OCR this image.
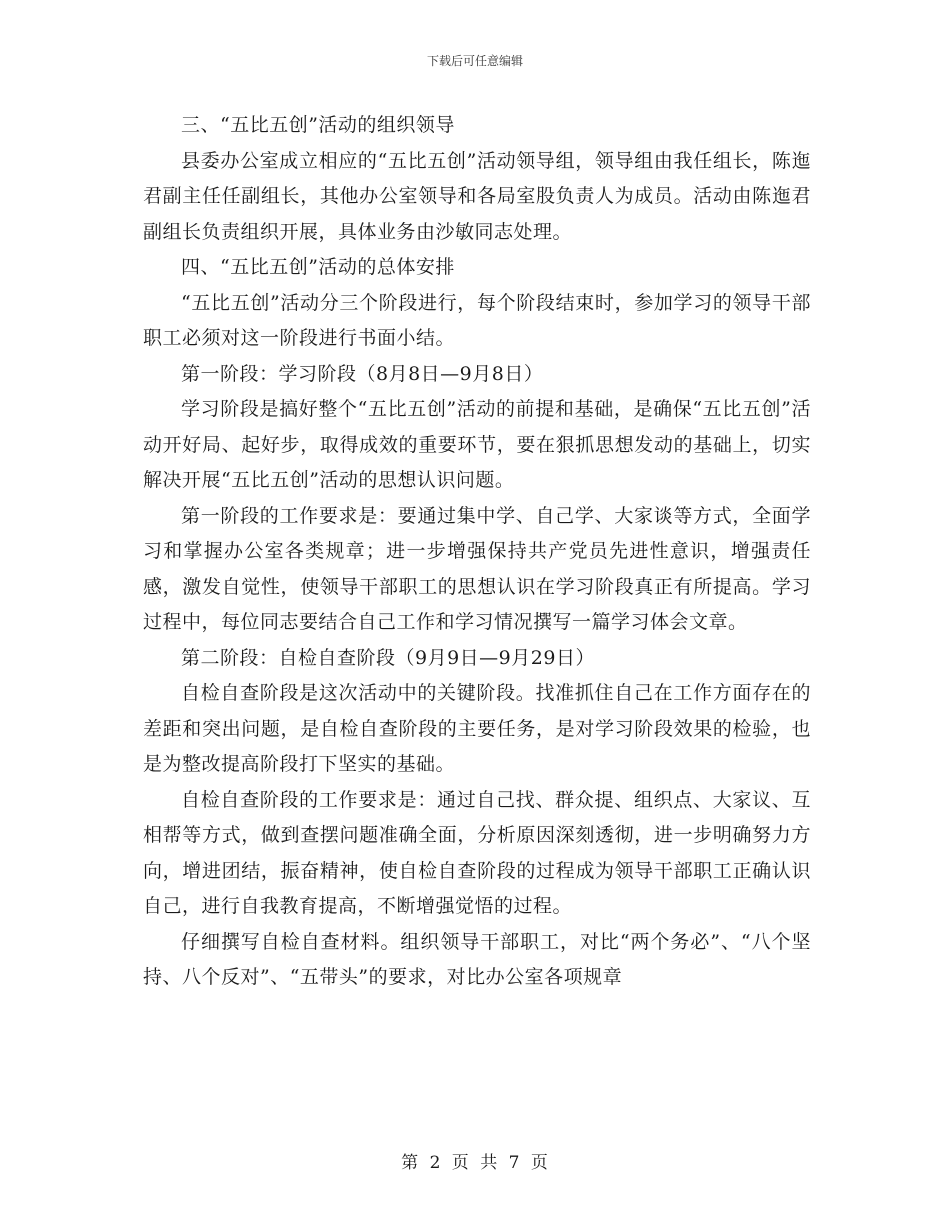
下载后可任意编辑

三、“五比五创”活动的组织领导

县委办公室成立相应的“五比五创”活动领导组，领导组由我任组长，陈迤君副主任任副组长，其他办公室领导和各局室股负责人为成员。活动由陈迤君副组长负责组织开展，具体业务由沙敏同志处理。

四、“五比五创”活动的总体安排

“五比五创”活动分三个阶段进行，每个阶段结束时，参加学习的领导干部职工必须对这一阶段进行书面小结。

第一阶段：学习阶段（8月8日—9月8日）

学习阶段是搞好整个“五比五创”活动的前提和基础，是确保“五比五创”活动开好局、起好步，取得成效的重要环节，要在狠抓思想发动的基础上，切实解决开展“五比五创”活动的思想认识问题。

第一阶段的工作要求是：要通过集中学、自己学、大家谈等方式，全面学习和掌握办公室各类规章；进一步增强保持共产党员先进性意识，增强责任感，激发自觉性，使领导干部职工的思想认识在学习阶段真正有所提高。学习过程中，每位同志要结合自己工作和学习情况撰写一篇学习体会文章。

第二阶段：自检自查阶段（9月9日—9月29日）

自检自查阶段是这次活动中的关键阶段。找准抓住自己在工作方面存在的差距和突出问题，是自检自查阶段的主要任务，是对学习阶段效果的检验，也是为整改提高阶段打下坚实的基础。

自检自查阶段的工作要求是：通过自己找、群众提、组织点、大家议、互相帮等方式，做到查摆问题准确全面，分析原因深刻透彻，进一步明确努力方向，增进团结，振奋精神，使自检自查阶段的过程成为领导干部职工正确认识自己，进行自我教育提高，不断增强觉悟的过程。

仔细撰写自检自查材料。组织领导干部职工，对比“两个务必”、“八个坚持、八个反对”、“五带头”的要求，对比办公室各项规章

第 2 页 共 7 页
